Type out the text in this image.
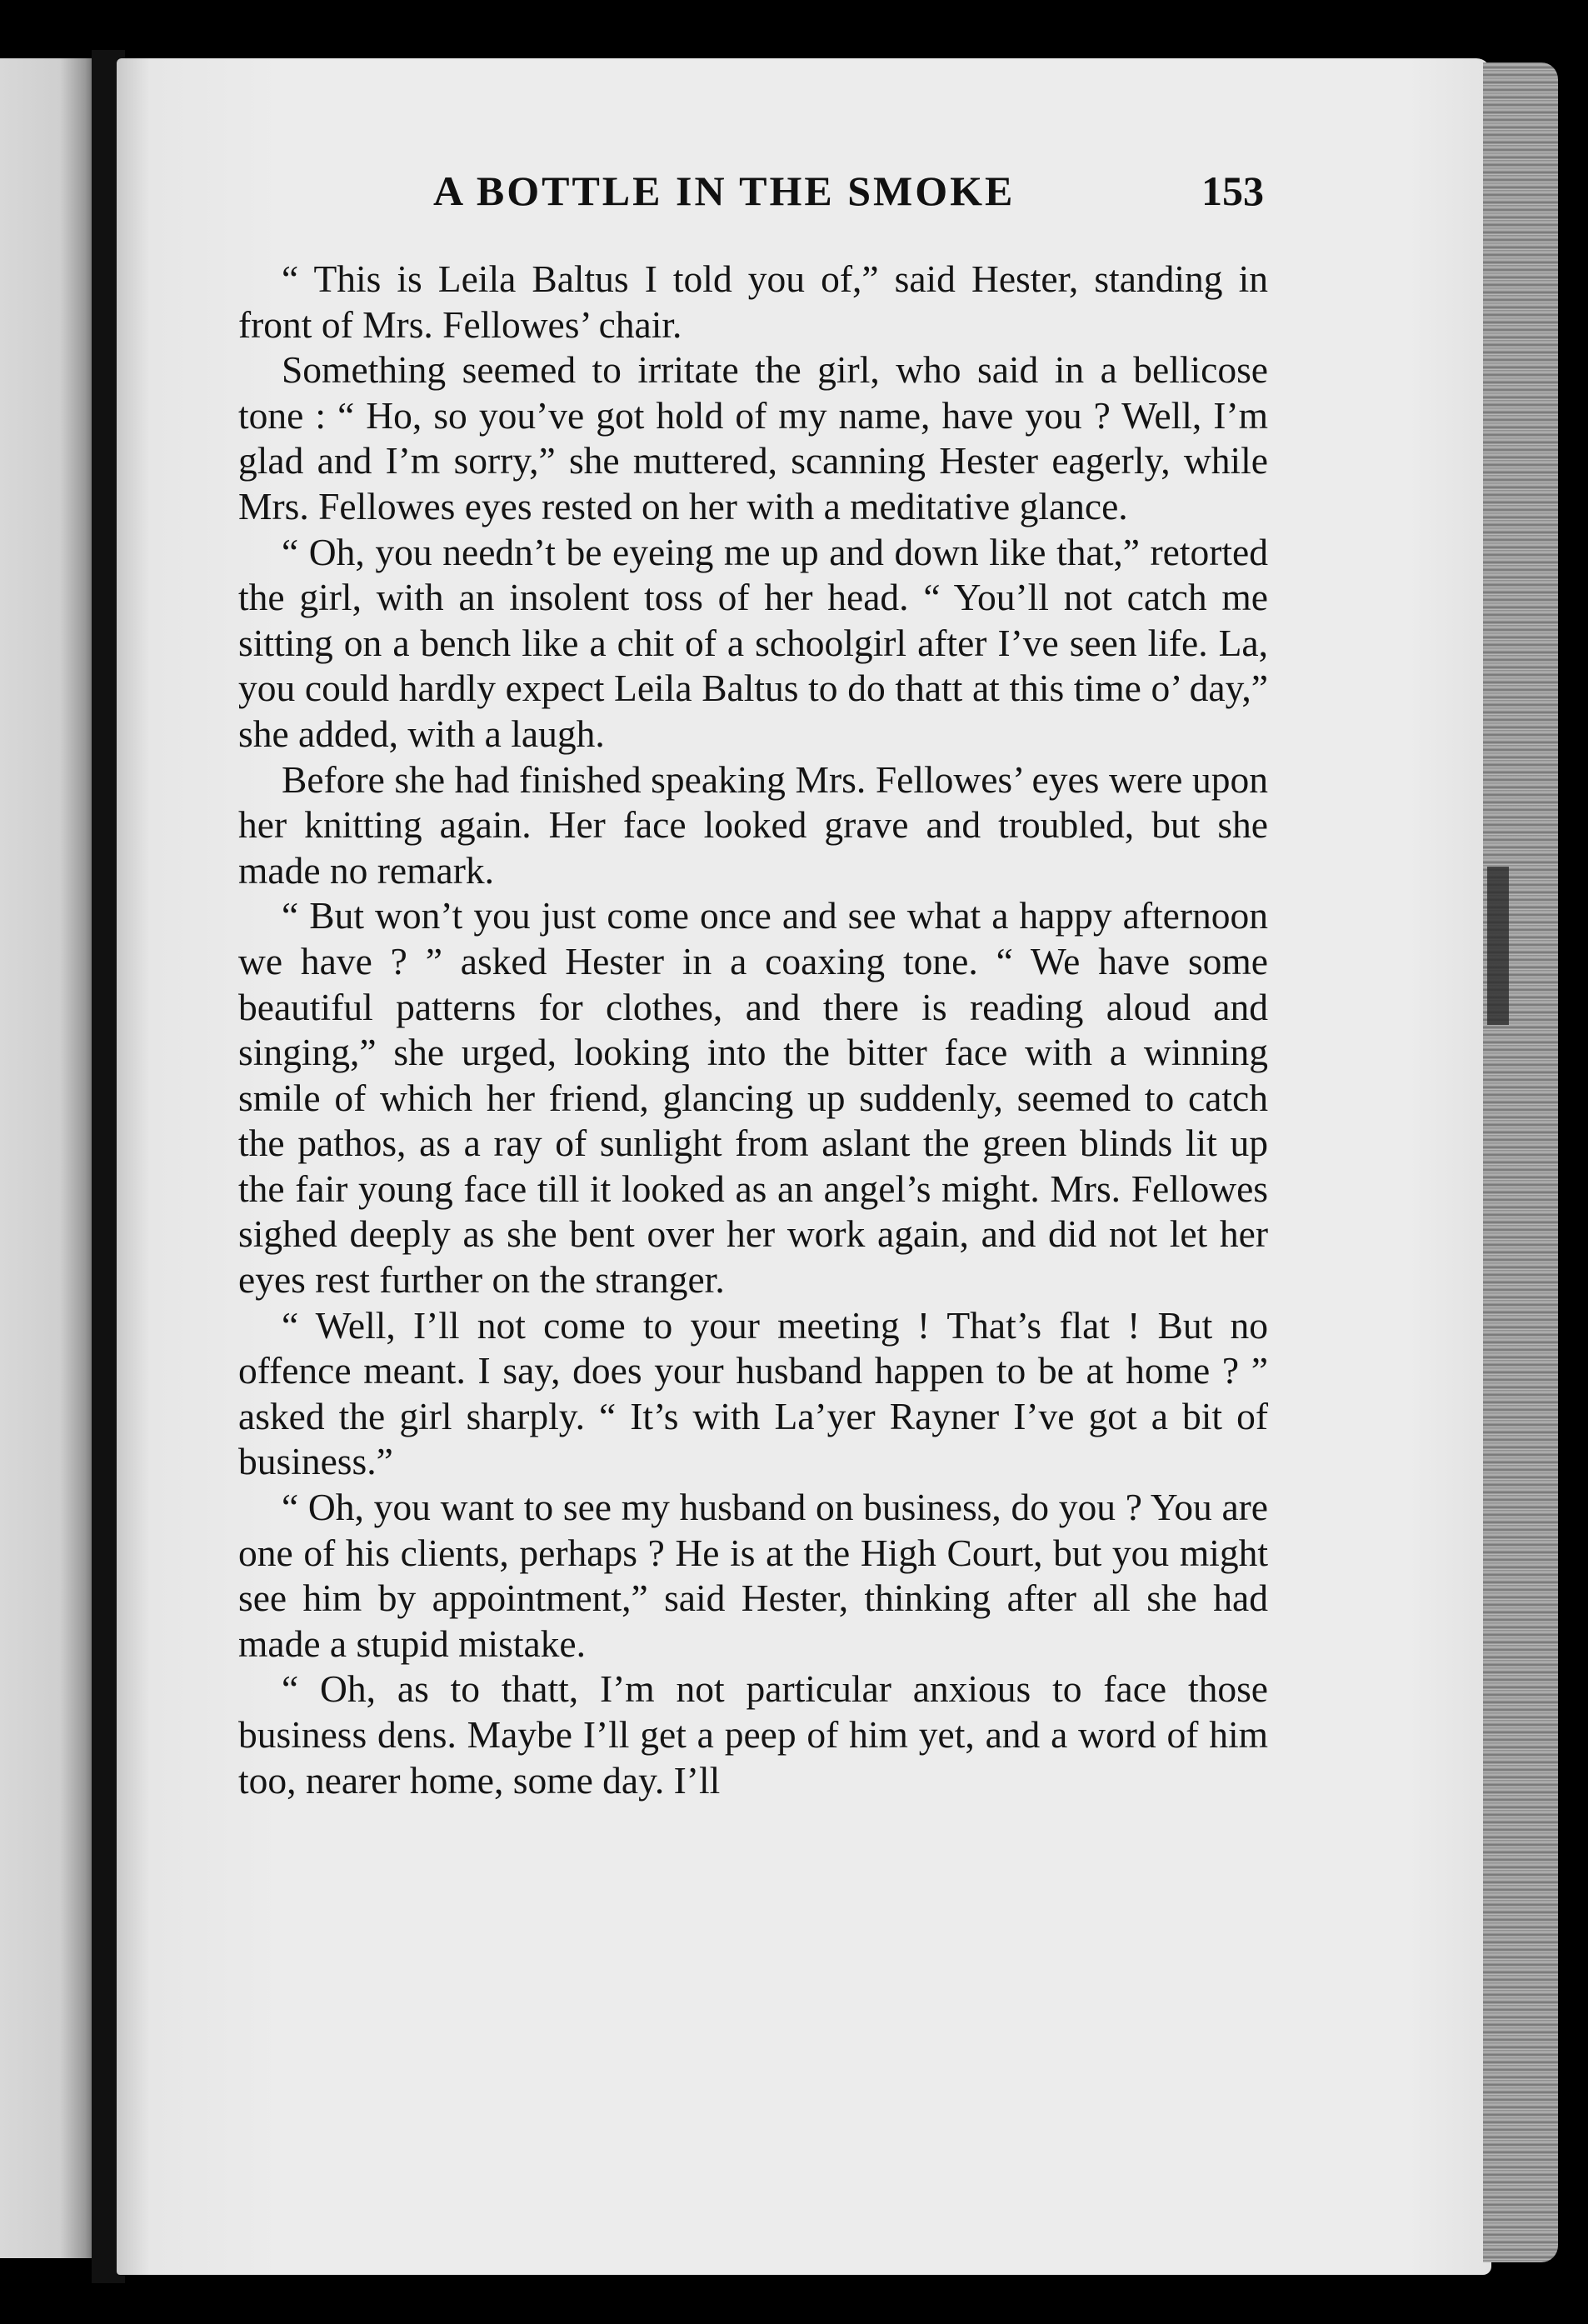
A BOTTLE IN THE SMOKE	153

“ This is Leila Baltus I told you of,” said Hester, standing in front of Mrs. Fellowes’ chair.

Something seemed to irritate the girl, who said in a bellicose tone : “ Ho, so you’ve got hold of my name, have you ? Well, I’m glad and I’m sorry,” she muttered, scanning Hester eagerly, while Mrs. Fellowes eyes rested on her with a meditative glance.

“ Oh, you needn’t be eyeing me up and down like that,” retorted the girl, with an insolent toss of her head. “ You’ll not catch me sitting on a bench like a chit of a schoolgirl after I’ve seen life. La, you could hardly expect Leila Baltus to do thatt at this time o’ day,” she added, with a laugh.

Before she had finished speaking Mrs. Fellowes’ eyes were upon her knitting again. Her face looked grave and troubled, but she made no remark.

“ But won’t you just come once and see what a happy afternoon we have ? ” asked Hester in a coaxing tone. “ We have some beautiful patterns for clothes, and there is reading aloud and singing,” she urged, looking into the bitter face with a winning smile of which her friend, glancing up suddenly, seemed to catch the pathos, as a ray of sunlight from aslant the green blinds lit up the fair young face till it looked as an angel’s might. Mrs. Fellowes sighed deeply as she bent over her work again, and did not let her eyes rest further on the stranger.

“ Well, I’ll not come to your meeting ! That’s flat ! But no offence meant. I say, does your husband happen to be at home ? ” asked the girl sharply. “ It’s with La’yer Rayner I’ve got a bit of business.”

“ Oh, you want to see my husband on business, do you ? You are one of his clients, perhaps ? He is at the High Court, but you might see him by appointment,” said Hester, thinking after all she had made a stupid mistake.

“ Oh, as to thatt, I’m not particular anxious to face those business dens. Maybe I’ll get a peep of him yet, and a word of him too, nearer home, some day. I’ll
